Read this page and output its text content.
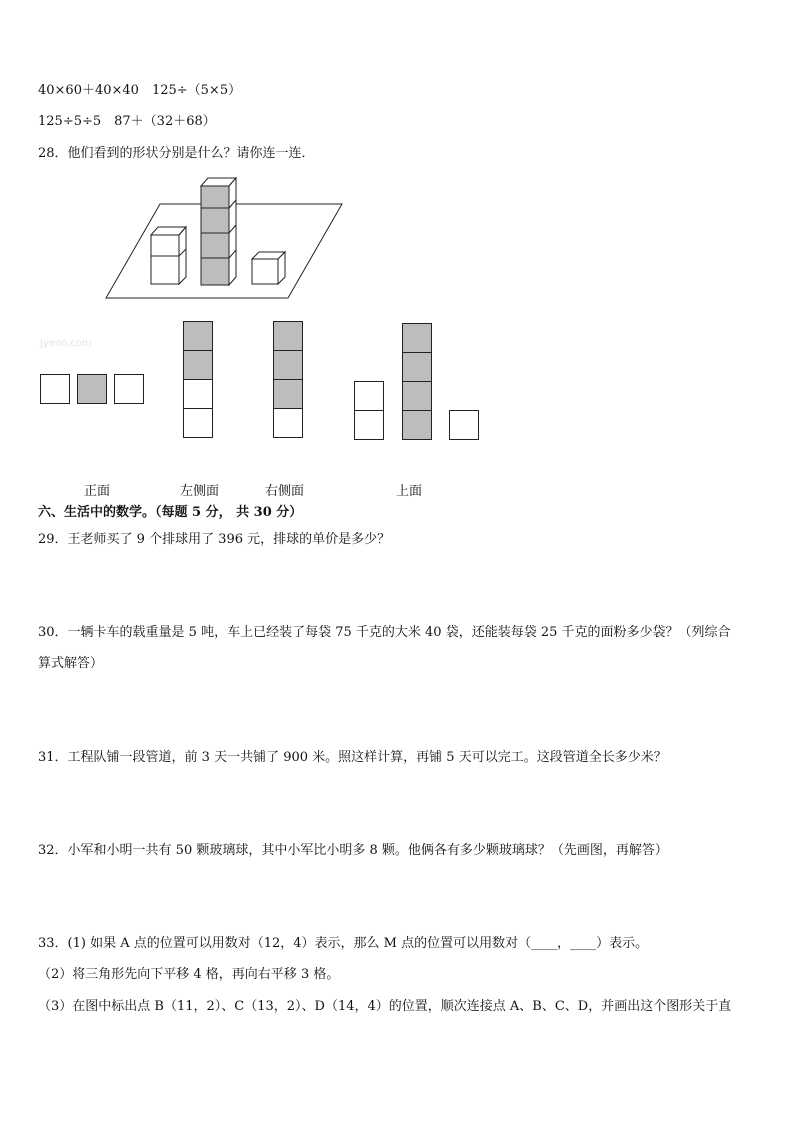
40×60＋40×40　125÷（5×5）
125÷5÷5　87＋（32＋68）
28．他们看到的形状分别是什么？请你连一连．
Jyeoo.com
正面	左侧面	右侧面	上面
六、生活中的数学。（每题 5 分， 共 30 分）
29．王老师买了 9 个排球用了 396 元，排球的单价是多少？
30．一辆卡车的载重量是 5 吨，车上已经装了每袋 75 千克的大米 40 袋，还能装每袋 25 千克的面粉多少袋？（列综合
算式解答）
31．工程队铺一段管道，前 3 天一共铺了 900 米。照这样计算，再铺 5 天可以完工。这段管道全长多少米？
32．小军和小明一共有 50 颗玻璃球，其中小军比小明多 8 颗。他俩各有多少颗玻璃球？（先画图，再解答）
33．(1) 如果 A 点的位置可以用数对（12，4）表示，那么 M 点的位置可以用数对（____，____）表示。
（2）将三角形先向下平移 4 格，再向右平移 3 格。
（3）在图中标出点 B（11，2）、C（13，2）、D（14，4）的位置，顺次连接点 A、B、C、D，并画出这个图形关于直
